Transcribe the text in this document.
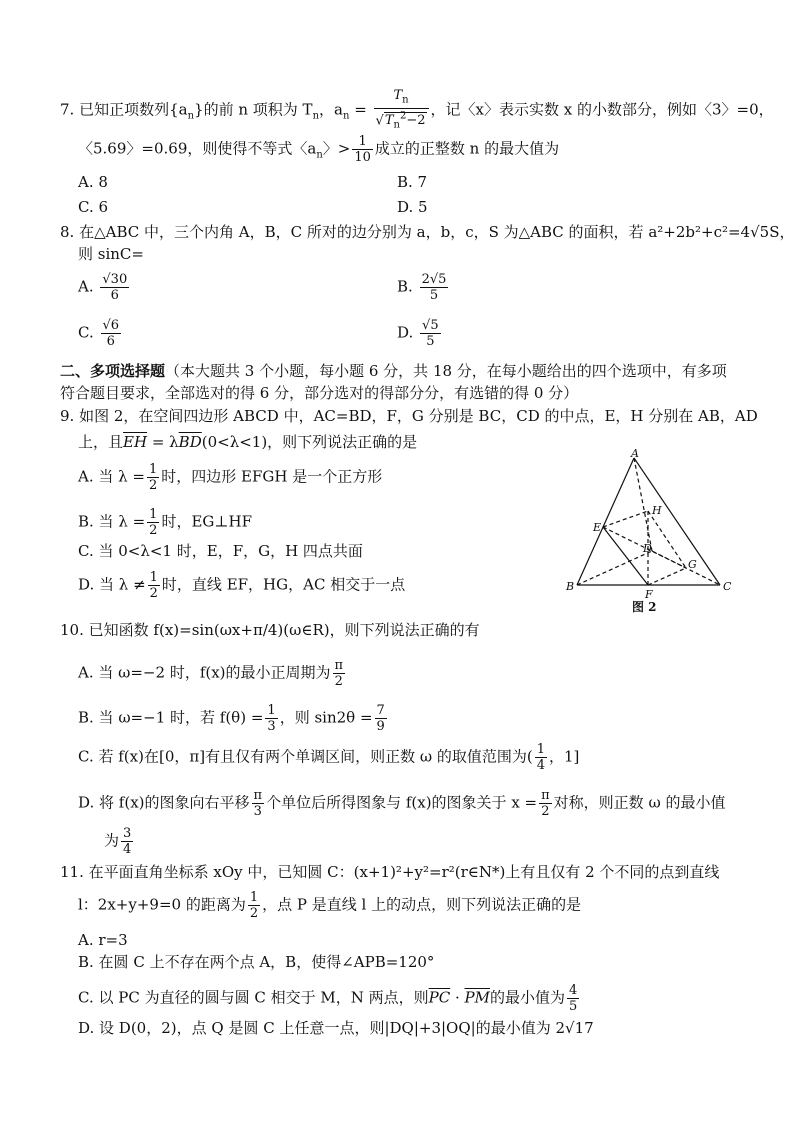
7. 已知正项数列$\{a_n\}$的前 n 项积为 $T_n$，$a_n = \frac{T_n}{√T_n^2-2}$ ，记〈x〉表示实数 x 的小数部分，例如〈3〉=0，
〈5.69〉=0.69，则使得不等式〈$a_n$〉> $\frac{1}{10}$ 成立的正整数 n 的最大值为
A. 8	B. 7
C. 6	D. 5
8. 在△ABC 中，三个内角 A，B，C 所对的边分别为 a，b，c，S 为△ABC 的面积，若 a²+2b²+c²=4√5S，
则 sinC=
A. $\frac{√30}{6}$	B. $\frac{2√5}{5}$
C. $\frac{√6}{6}$	D. $\frac{√5}{5}$
二、多项选择题（本大题共 3 个小题，每小题 6 分，共 18 分，在每小题给出的四个选项中，有多项
符合题目要求，全部选对的得 6 分，部分选对的得部分分，有选错的得 0 分）
9. 如图 2，在空间四边形 ABCD 中，AC=BD，F，G 分别是 BC，CD 的中点，E，H 分别在 AB，AD
上，且$\overline{EH} = \lambda\overline{BD}(0<\lambda<1)$，则下列说法正确的是
A. 当 $\lambda = \frac{1}{2}$ 时，四边形 EFGH 是一个正方形
B. 当 $\lambda = \frac{1}{2}$ 时，EG⊥HF
C. 当 0<λ<1 时，E，F，G，H 四点共面
D. 当 $\lambda \ne \frac{1}{2}$ 时，直线 EF，HG，AC 相交于一点
A
B	C
D
E
F
G
H
图 2
10. 已知函数 f(x)=sin(ωx+π/4)(ω∈R)，则下列说法正确的有
A. 当 ω=−2 时，f(x)的最小正周期为 $\frac{\pi}{2}$
B. 当 ω=−1 时，若 $f(\theta) = \frac{1}{3}$ ，则 $\sin 2\theta = \frac{7}{9}$
C. 若 f(x)在[0，π]有且仅有两个单调区间，则正数 ω 的取值范围为( $\frac{1}{4}$ ，1]
D. 将 f(x)的图象向右平移 $\frac{\pi}{3}$ 个单位后所得图象与 f(x)的图象关于 $x = \frac{\pi}{2}$ 对称，则正数 ω 的最小值
为 $\frac{3}{4}$
11. 在平面直角坐标系 xOy 中，已知圆 C：(x+1)²+y²=r²(r∈N*)上有且仅有 2 个不同的点到直线
l：2x+y+9=0 的距离为 $\frac{1}{2}$ ，点 P 是直线 l 上的动点，则下列说法正确的是
A. r=3
B. 在圆 C 上不存在两个点 A，B，使得∠APB=120°
C. 以 PC 为直径的圆与圆 C 相交于 M，N 两点，则$\overline{PC} \cdot \overline{PM}$的最小值为 $\frac{4}{5}$
D. 设 D(0，2)，点 Q 是圆 C 上任意一点，则|DQ|+3|OQ|的最小值为 2√17
